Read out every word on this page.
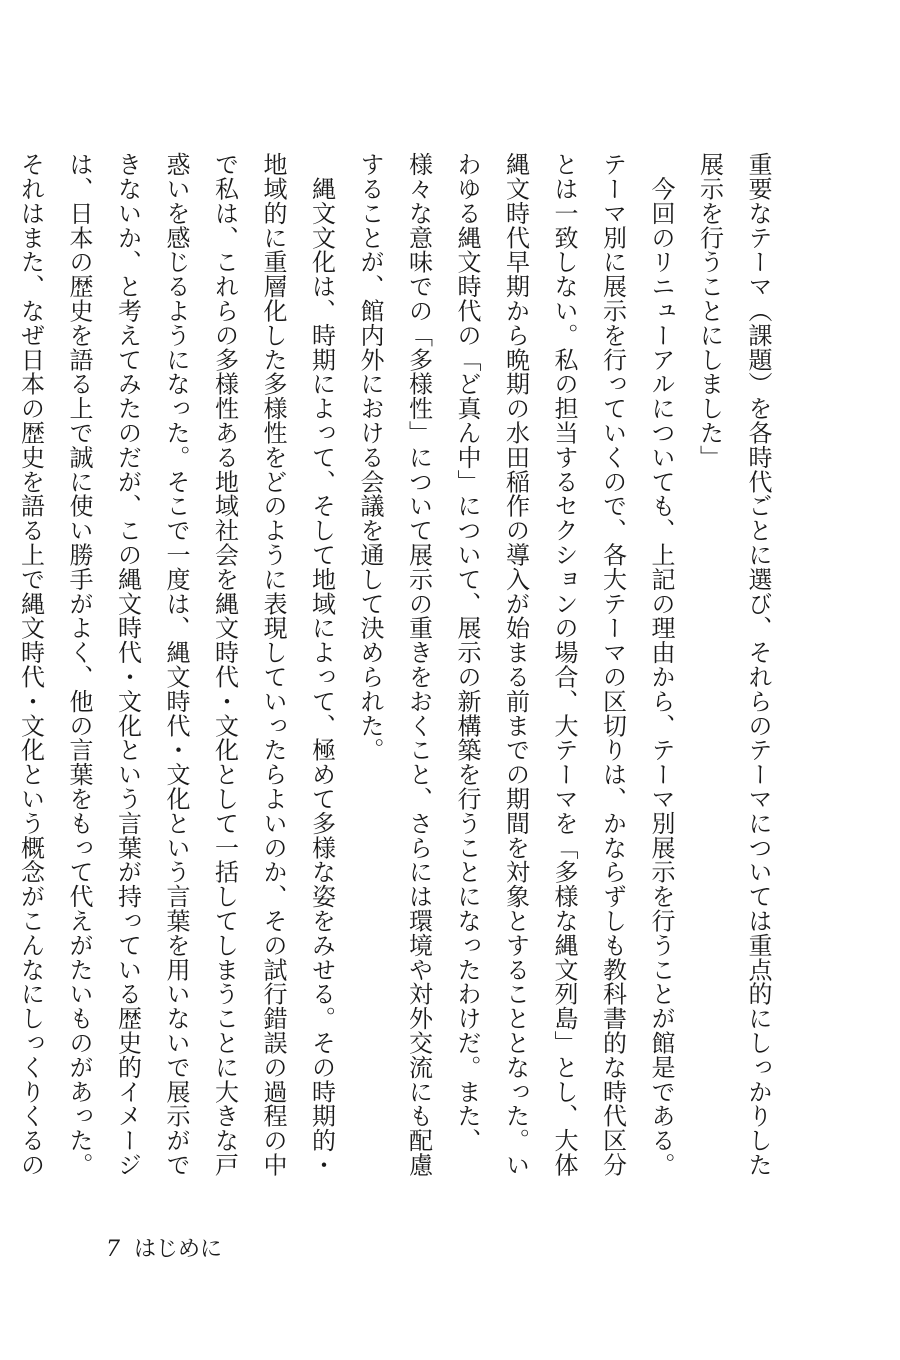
重要なテーマ（課題）を各時代ごとに選び、それらのテーマについては重点的にしっかりした展示を行うことにしました」

　今回のリニューアルについても、上記の理由から、テーマ別展示を行うことが館是である。テーマ別に展示を行っていくので、各大テーマの区切りは、かならずしも教科書的な時代区分とは一致しない。私の担当するセクションの場合、大テーマを「多様な縄文列島」とし、大体縄文時代早期から晩期の水田稲作の導入が始まる前までの期間を対象とすることとなった。いわゆる縄文時代の「ど真ん中」について、展示の新構築を行うことになったわけだ。また、様々な意味での「多様性」について展示の重きをおくこと、さらには環境や対外交流にも配慮することが、館内外における会議を通して決められた。

　縄文文化は、時期によって、そして地域によって、極めて多様な姿をみせる。その時期的・地域的に重層化した多様性をどのように表現していったらよいのか、その試行錯誤の過程の中で私は、これらの多様性ある地域社会を縄文時代・文化として一括してしまうことに大きな戸惑いを感じるようになった。そこで一度は、縄文時代・文化という言葉を用いないで展示ができないか、と考えてみたのだが、この縄文時代・文化という言葉が持っている歴史的イメージは、日本の歴史を語る上で誠に使い勝手がよく、他の言葉をもって代えがたいものがあった。それはまた、なぜ日本の歴史を語る上で縄文時代・文化という概念がこんなにしっくりくるの

7 はじめに
